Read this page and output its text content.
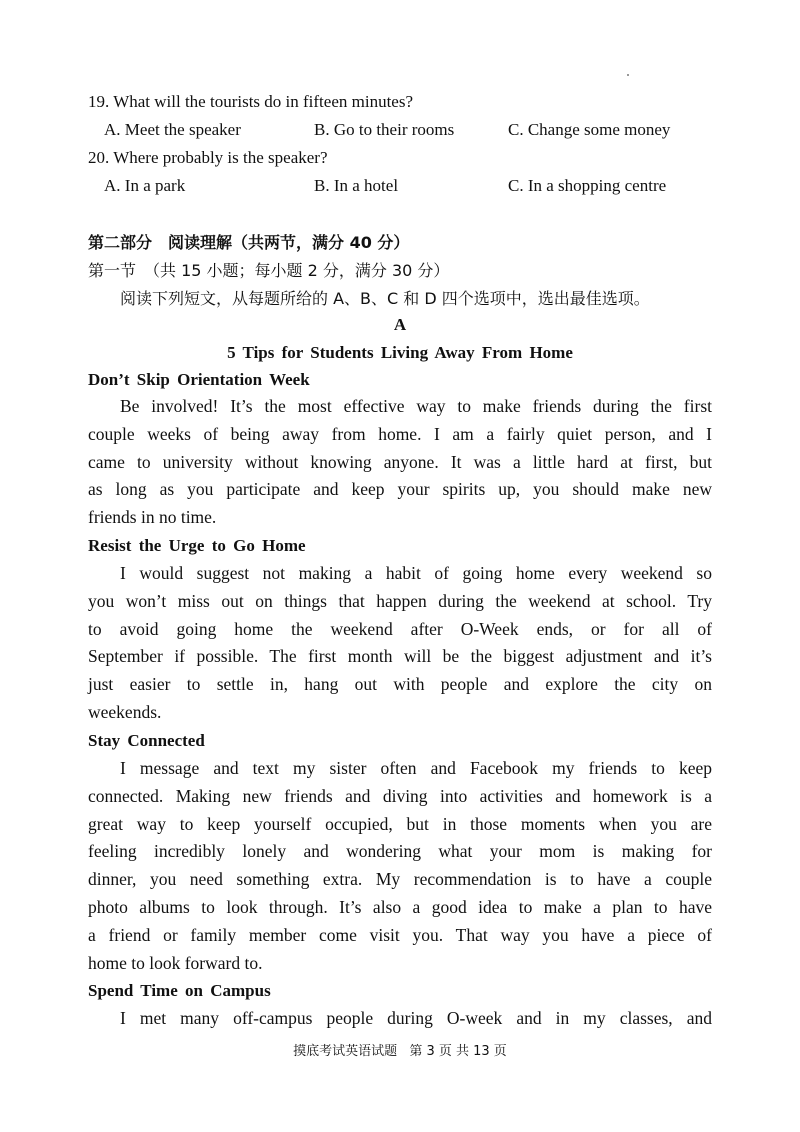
19. What will the tourists do in fifteen minutes?
A. Meet the speaker	B. Go to their rooms	C. Change some money
20. Where probably is the speaker?
A. In a park	B. In a hotel	C. In a shopping centre
第二部分　阅读理解（共两节，满分 40 分）
第一节　（共 15 小题；每小题 2 分，满分 30 分）
阅读下列短文，从每题所给的 A、B、C 和 D 四个选项中，选出最佳选项。
A
5 Tips for Students Living Away From Home
Don’t Skip Orientation Week
Be involved! It’s the most effective way to make friends during the first
couple weeks of being away from home. I am a fairly quiet person, and I
came to university without knowing anyone. It was a little hard at first, but
as long as you participate and keep your spirits up, you should make new
friends in no time.
Resist the Urge to Go Home
I would suggest not making a habit of going home every weekend so
you won’t miss out on things that happen during the weekend at school. Try
to avoid going home the weekend after O-Week ends, or for all of
September if possible. The first month will be the biggest adjustment and it’s
just easier to settle in, hang out with people and explore the city on
weekends.
Stay Connected
I message and text my sister often and Facebook my friends to keep
connected. Making new friends and diving into activities and homework is a
great way to keep yourself occupied, but in those moments when you are
feeling incredibly lonely and wondering what your mom is making for
dinner, you need something extra. My recommendation is to have a couple
photo albums to look through. It’s also a good idea to make a plan to have
a friend or family member come visit you. That way you have a piece of
home to look forward to.
Spend Time on Campus
I met many off-campus people during O-week and in my classes, and
摸底考试英语试题 第 3 页 共 13 页
